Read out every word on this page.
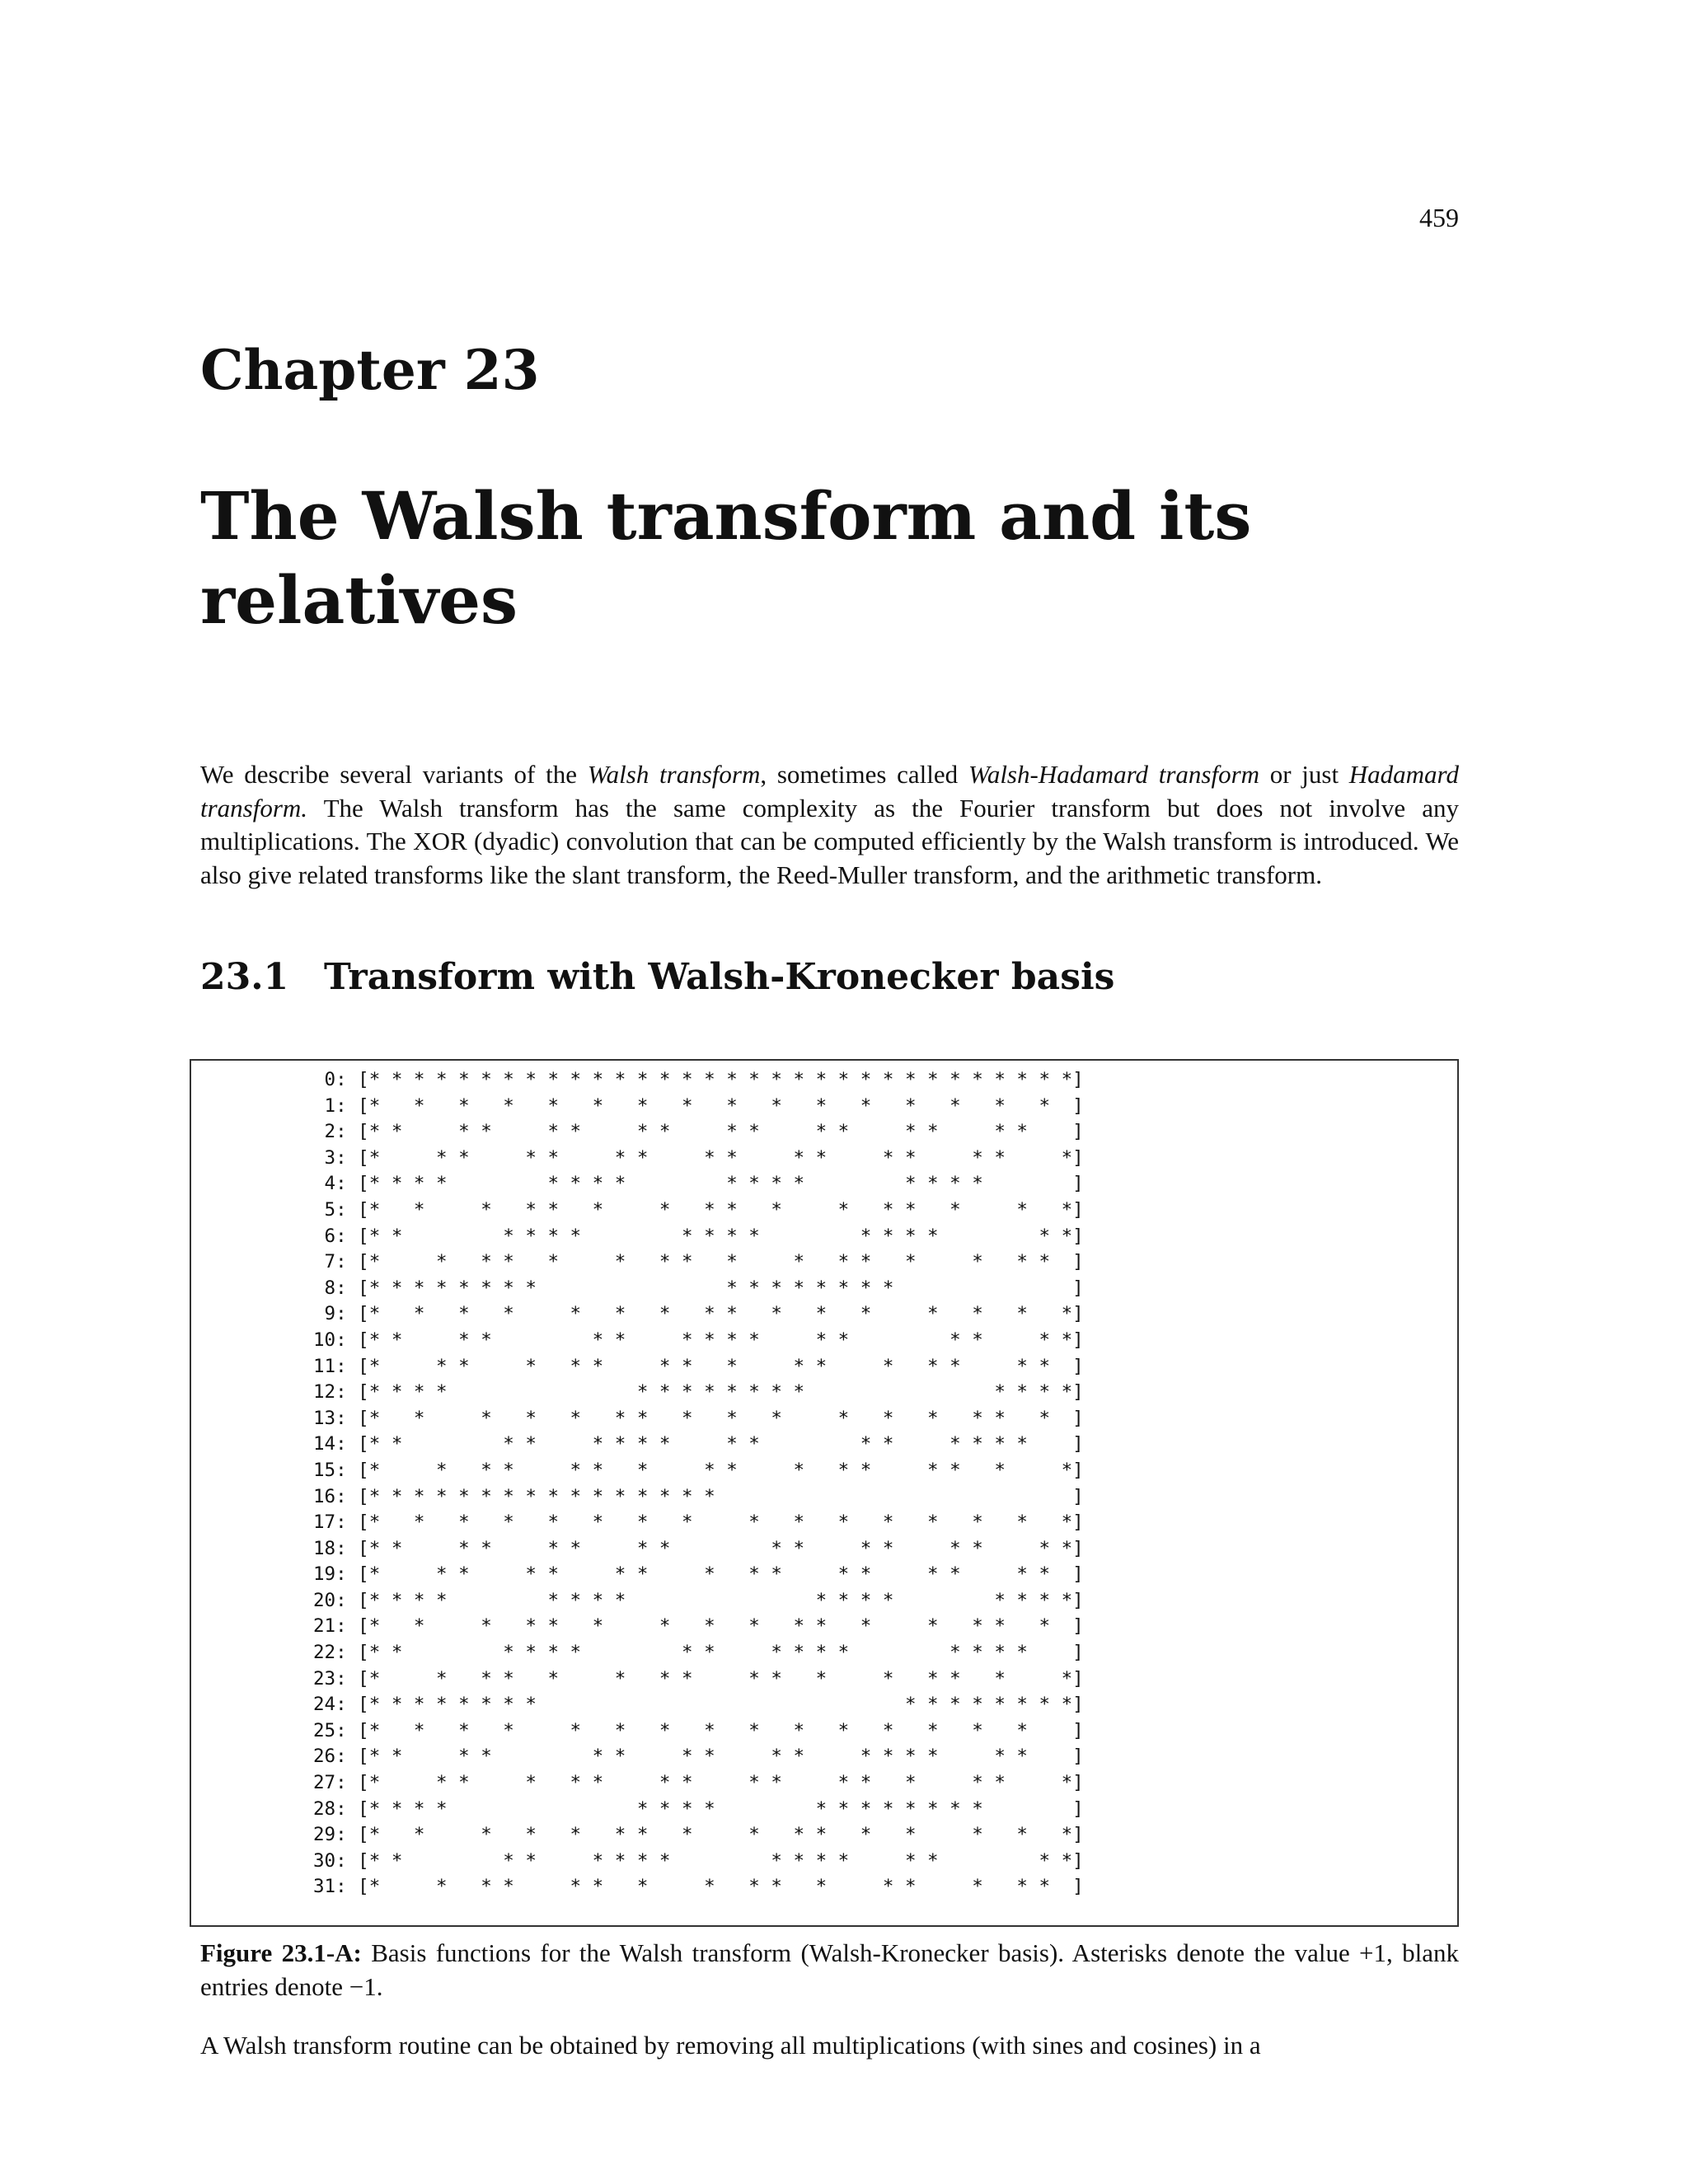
459
Chapter 23
The Walsh transform and its relatives

We describe several variants of the Walsh transform, sometimes called Walsh-Hadamard transform or just Hadamard transform. The Walsh transform has the same complexity as the Fourier transform but does not involve any multiplications. The XOR (dyadic) convolution that can be computed efficiently by the Walsh transform is introduced. We also give related transforms like the slant transform, the Reed-Muller transform, and the arithmetic transform.

23.1 Transform with Walsh-Kronecker basis
0: [* * * * * * * * * * * * * * * * * * * * * * * * * * * * * * * *]
1: [*   *   *   *   *   *   *   *   *   *   *   *   *   *   *   *  ]
2: [* *     * *     * *     * *     * *     * *     * *     * *    ]
3: [*     * *     * *     * *     * *     * *     * *     * *     *]
4: [* * * *         * * * *         * * * *         * * * *        ]
5: [*   *     *   * *   *     *   * *   *     *   * *   *     *   *]
6: [* *         * * * *         * * * *         * * * *         * *]
7: [*     *   * *   *     *   * *   *     *   * *   *     *   * *  ]
8: [* * * * * * * *                 * * * * * * * *                ]
9: [*   *   *   *     *   *   *   * *   *   *   *     *   *   *   *]
10: [* *     * *         * *     * * * *     * *         * *     * *]
11: [*     * *     *   * *     * *   *     * *     *   * *     * *  ]
12: [* * * *                 * * * * * * * *                 * * * *]
13: [*   *     *   *   *   * *   *   *   *     *   *   *   * *   *  ]
14: [* *         * *     * * * *     * *         * *     * * * *    ]
15: [*     *   * *     * *   *     * *     *   * *     * *   *     *]
16: [* * * * * * * * * * * * * * * *                                ]
17: [*   *   *   *   *   *   *   *     *   *   *   *   *   *   *   *]
18: [* *     * *     * *     * *         * *     * *     * *     * *]
19: [*     * *     * *     * *     *   * *     * *     * *     * *  ]
20: [* * * *         * * * *                 * * * *         * * * *]
21: [*   *     *   * *   *     *   *   *   * *   *     *   * *   *  ]
22: [* *         * * * *         * *     * * * *         * * * *    ]
23: [*     *   * *   *     *   * *     * *   *     *   * *   *     *]
24: [* * * * * * * *                                 * * * * * * * *]
25: [*   *   *   *     *   *   *   *   *   *   *   *   *   *   *    ]
26: [* *     * *         * *     * *     * *     * * * *     * *    ]
27: [*     * *     *   * *     * *     * *     * *   *     * *     *]
28: [* * * *                 * * * *         * * * * * * * *        ]
29: [*   *     *   *   *   * *   *     *   * *   *   *     *   *   *]
30: [* *         * *     * * * *         * * * *     * *         * *]
31: [*     *   * *     * *   *     *   * *   *     * *     *   * *  ]

Figure 23.1-A: Basis functions for the Walsh transform (Walsh-Kronecker basis). Asterisks denote the value +1, blank entries denote −1.

A Walsh transform routine can be obtained by removing all multiplications (with sines and cosines) in a
